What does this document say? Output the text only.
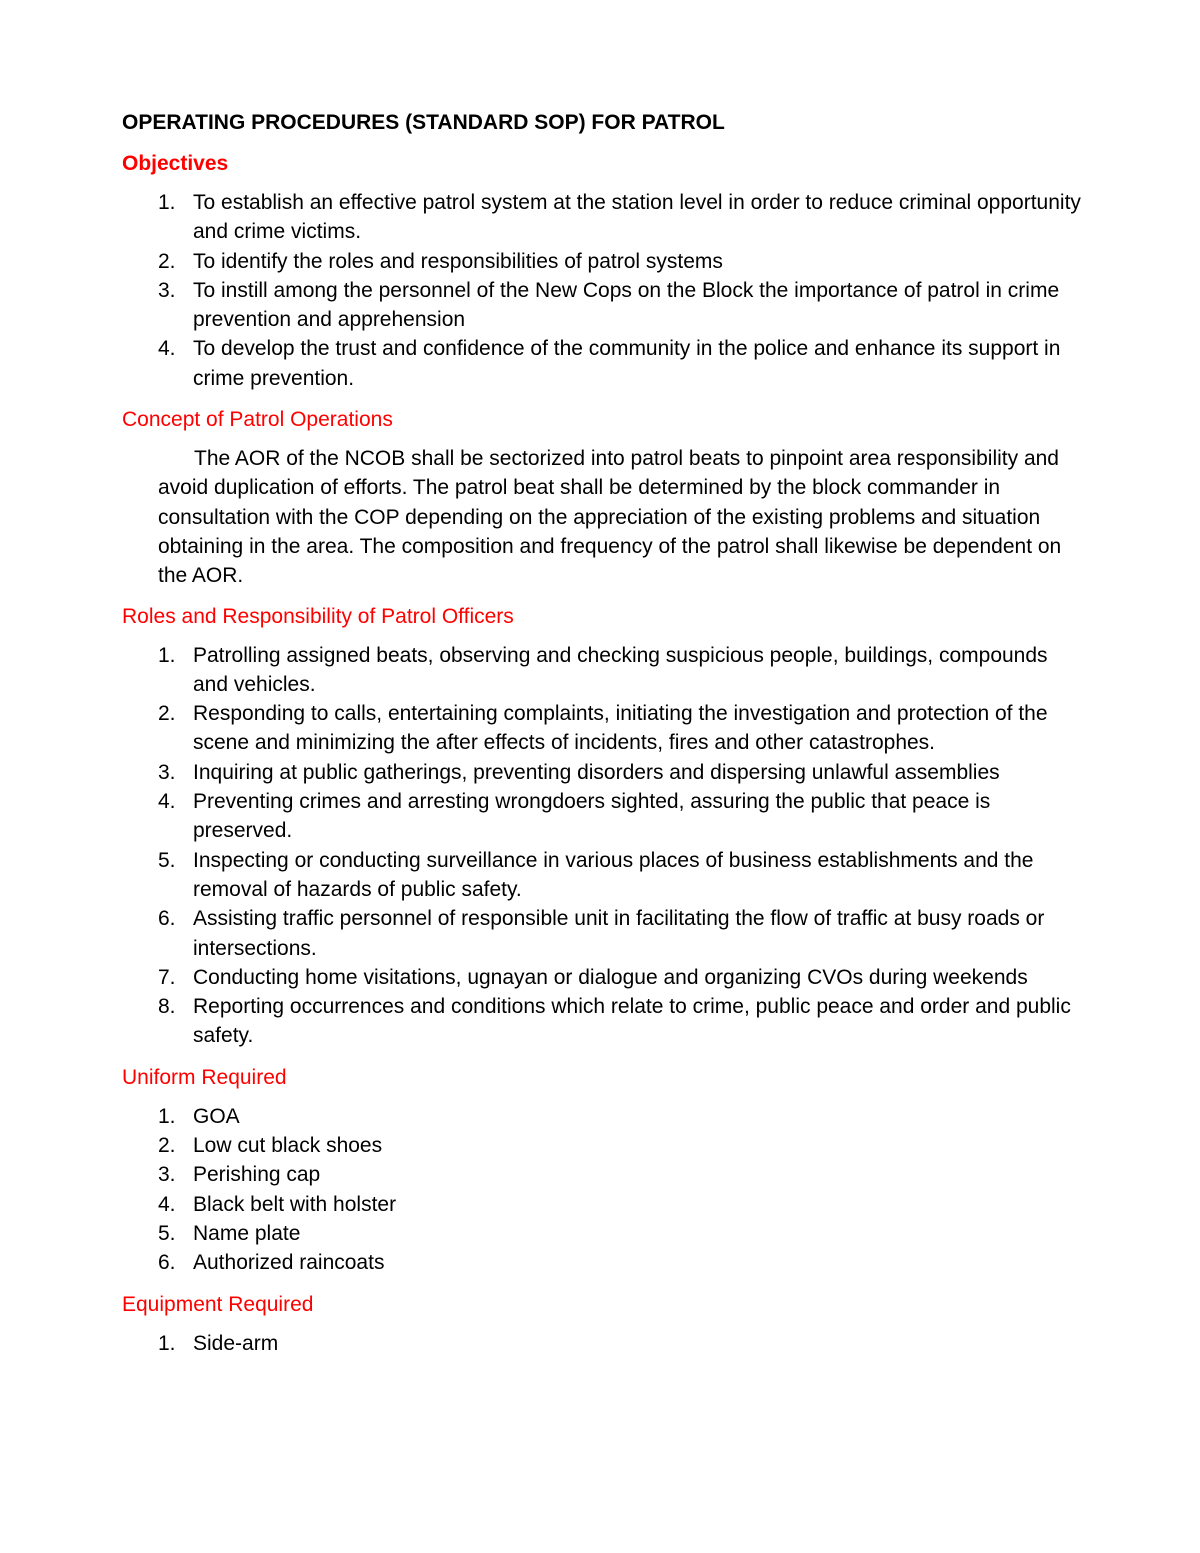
OPERATING PROCEDURES (STANDARD SOP) FOR PATROL
Objectives
1. To establish an effective patrol system at the station level in order to reduce criminal opportunity and crime victims.
2. To identify the roles and responsibilities of patrol systems
3. To instill among the personnel of the New Cops on the Block the importance of patrol in crime prevention and apprehension
4. To develop the trust and confidence of the community in the police and enhance its support in crime prevention.
Concept of Patrol Operations

The AOR of the NCOB shall be sectorized into patrol beats to pinpoint area responsibility and avoid duplication of efforts. The patrol beat shall be determined by the block commander in consultation with the COP depending on the appreciation of the existing problems and situation obtaining in the area. The composition and frequency of the patrol shall likewise be dependent on the AOR.

Roles and Responsibility of Patrol Officers
1. Patrolling assigned beats, observing and checking suspicious people, buildings, compounds and vehicles.
2. Responding to calls, entertaining complaints, initiating the investigation and protection of the scene and minimizing the after effects of incidents, fires and other catastrophes.
3. Inquiring at public gatherings, preventing disorders and dispersing unlawful assemblies
4. Preventing crimes and arresting wrongdoers sighted, assuring the public that peace is preserved.
5. Inspecting or conducting surveillance in various places of business establishments and the removal of hazards of public safety.
6. Assisting traffic personnel of responsible unit in facilitating the flow of traffic at busy roads or intersections.
7. Conducting home visitations, ugnayan or dialogue and organizing CVOs during weekends
8. Reporting occurrences and conditions which relate to crime, public peace and order and public safety.
Uniform Required
1. GOA
2. Low cut black shoes
3. Perishing cap
4. Black belt with holster
5. Name plate
6. Authorized raincoats
Equipment Required
1. Side-arm
